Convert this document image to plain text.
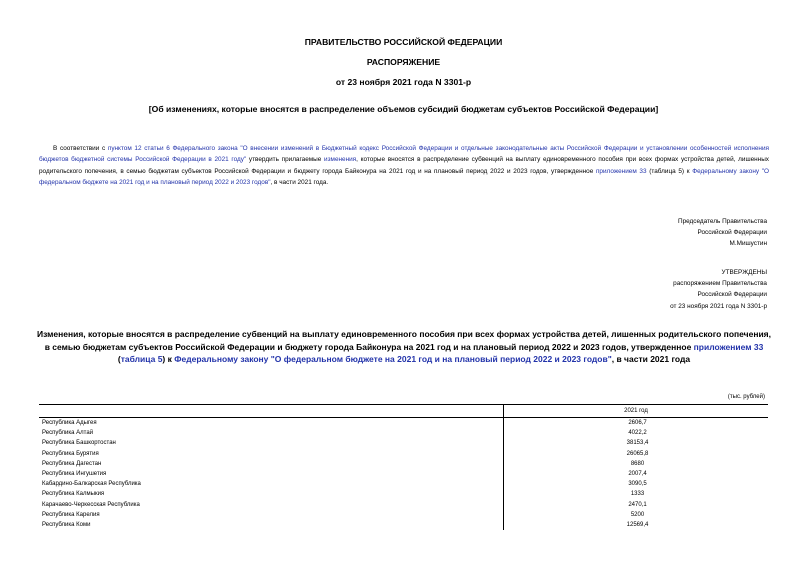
ПРАВИТЕЛЬСТВО РОССИЙСКОЙ ФЕДЕРАЦИИ
РАСПОРЯЖЕНИЕ
от 23 ноября 2021 года N 3301-р
[Об изменениях, которые вносятся в распределение объемов субсидий бюджетам субъектов Российской Федерации]
В соответствии с пунктом 12 статьи 6 Федерального закона "О внесении изменений в Бюджетный кодекс Российской Федерации и отдельные законодательные акты Российской Федерации и установлении особенностей исполнения бюджетов бюджетной системы Российской Федерации в 2021 году" утвердить прилагаемые изменения, которые вносятся в распределение субвенций на выплату единовременного пособия при всех формах устройства детей, лишенных родительского попечения, в семью бюджетам субъектов Российской Федерации и бюджету города Байконура на 2021 год и на плановый период 2022 и 2023 годов, утвержденное приложением 33 (таблица 5) к Федеральному закону "О федеральном бюджете на 2021 год и на плановый период 2022 и 2023 годов", в части 2021 года.
Председатель Правительства
Российской Федерации
М.Мишустин
УТВЕРЖДЕНЫ
распоряжением Правительства
Российской Федерации
от 23 ноября 2021 года N 3301-р
Изменения, которые вносятся в распределение субвенций на выплату единовременного пособия при всех формах устройства детей, лишенных родительского попечения, в семью бюджетам субъектов Российской Федерации и бюджету города Байконура на 2021 год и на плановый период 2022 и 2023 годов, утвержденное приложением 33 (таблица 5) к Федеральному закону "О федеральном бюджете на 2021 год и на плановый период 2022 и 2023 годов", в части 2021 года
(тыс. рублей)
	2021 год
Республика Адыгея	2606,7
Республика Алтай	4022,2
Республика Башкортостан	38153,4
Республика Бурятия	26065,8
Республика Дагестан	8680
Республика Ингушетия	2007,4
Кабардино-Балкарская Республика	3090,5
Республика Калмыкия	1333
Карачаево-Черкесская Республика	2470,1
Республика Карелия	5200
Республика Коми	12569,4
